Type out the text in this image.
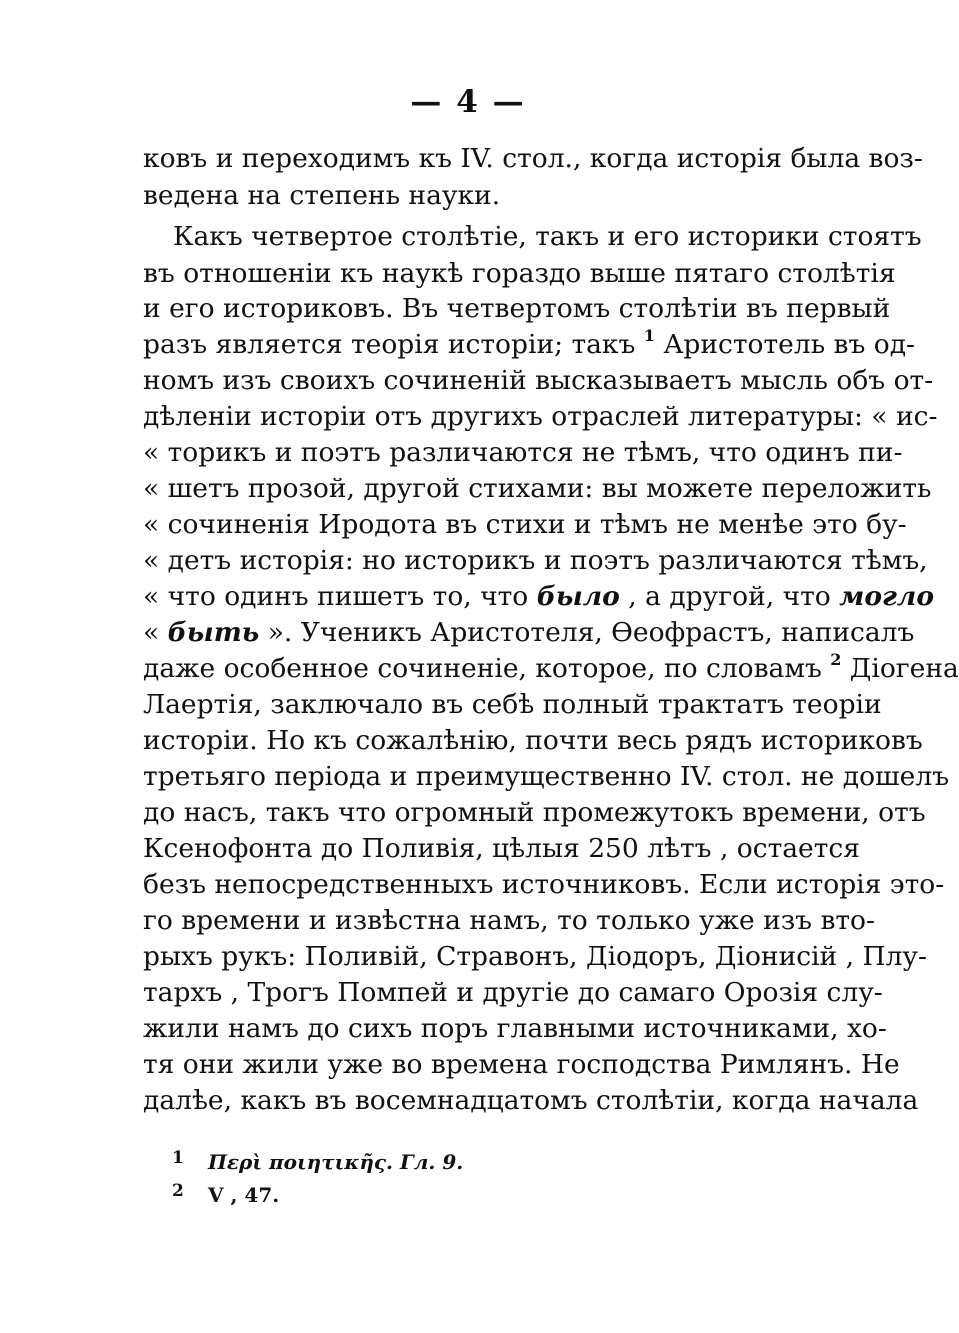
— 4 —
ковъ и переходимъ къ IV. стол., когда исторія была воз-
ведена на степень науки.
Какъ четвертое столѣтіе, такъ и его историки стоятъ
въ отношеніи къ наукѣ гораздо выше пятаго столѣтія
и его историковъ. Въ четвертомъ столѣтіи въ первый
разъ является теорія исторіи; такъ $^1$ Аристотель въ од-
номъ изъ своихъ сочиненій высказываетъ мысль объ от-
дѣленіи исторіи отъ другихъ отраслей литературы: « ис-
« торикъ и поэтъ различаются не тѣмъ, что одинъ пи-
« шетъ прозой, другой стихами: вы можете переложить
« сочиненія Иродота въ стихи и тѣмъ не менѣе это бу-
« детъ исторія: но историкъ и поэтъ различаются тѣмъ,
« что одинъ пишетъ то, что было , а другой, что могло
« быть ». Ученикъ Аристотеля, Ѳеофрастъ, написалъ
даже особенное сочиненіе, которое, по словамъ $^2$ Діогена
Лаертія, заключало въ себѣ полный трактатъ теоріи
исторіи. Но къ сожалѣнію, почти весь рядъ историковъ
третьяго періода и преимущественно IV. стол. не дошелъ
до насъ, такъ что огромный промежутокъ времени, отъ
Ксенофонта до Поливія, цѣлыя 250 лѣтъ , остается
безъ непосредственныхъ источниковъ. Если исторія это-
го времени и извѣстна намъ, то только уже изъ вто-
рыхъ рукъ: Поливій, Стравонъ, Діодоръ, Діонисій , Плу-
тархъ , Трогъ Помпей и другіе до самаго Орозія слу-
жили намъ до сихъ поръ главными источниками, хо-
тя они жили уже во времена господства Римлянъ. Не
далѣе, какъ въ восемнадцатомъ столѣтіи, когда начала
1 Περὶ ποιητικῆς. Гл. 9.
2 V , 47.
